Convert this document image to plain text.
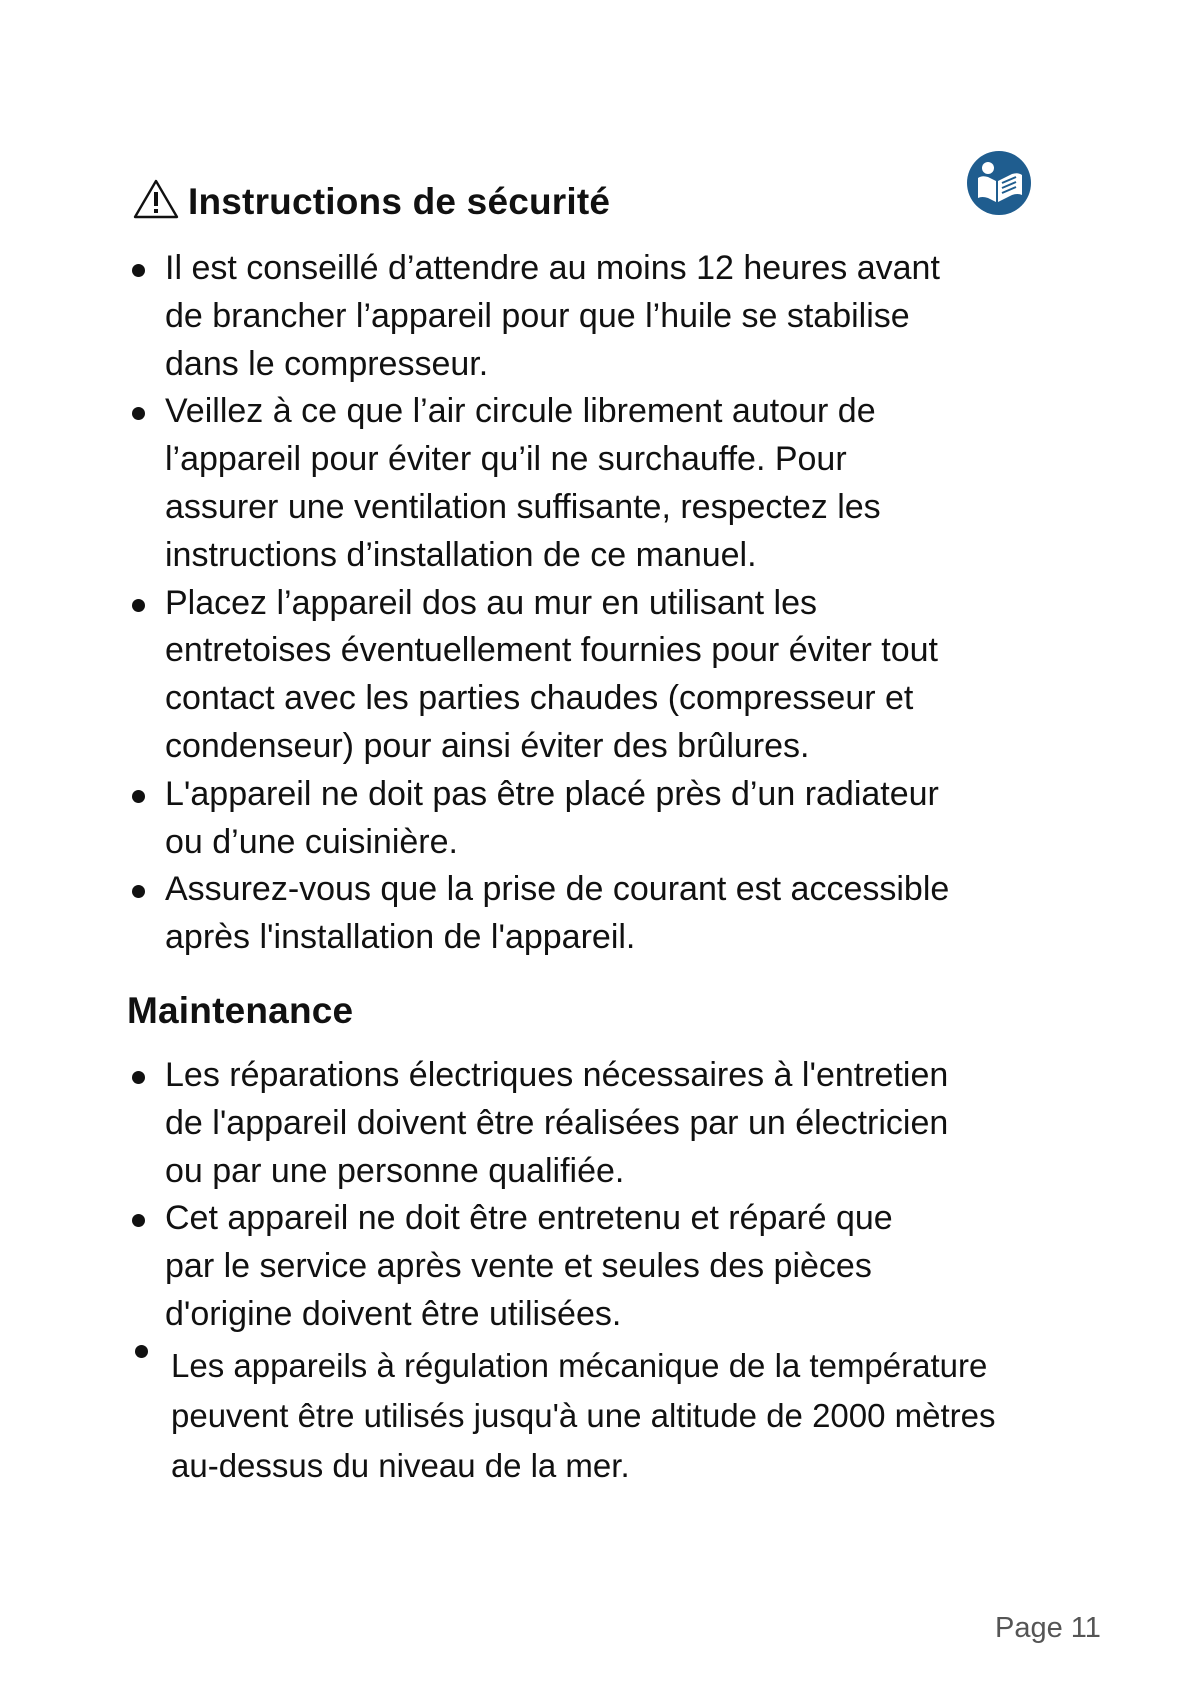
Instructions de sécurité
Il est conseillé d’attendre au moins 12 heures avant
de brancher l’appareil pour que l’huile se stabilise
dans le compresseur.
Veillez à ce que l’air circule librement autour de
l’appareil pour éviter qu’il ne surchauffe. Pour
assurer une ventilation suffisante, respectez les
instructions d’installation de ce manuel.
Placez l’appareil dos au mur en utilisant les
entretoises éventuellement fournies pour éviter tout
contact avec les parties chaudes (compresseur et
condenseur) pour ainsi éviter des brûlures.
L'appareil ne doit pas être placé près d’un radiateur
ou d’une cuisinière.
Assurez-vous que la prise de courant est accessible
après l'installation de l'appareil.
Maintenance
Les réparations électriques nécessaires à l'entretien
de l'appareil doivent être réalisées par un électricien
ou par une personne qualifiée.
Cet appareil ne doit être entretenu et réparé que
par le service après vente et seules des pièces
d'origine doivent être utilisées.
Les appareils à régulation mécanique de la température
peuvent être utilisés jusqu'à une altitude de 2000 mètres
au-dessus du niveau de la mer.
Page 11
